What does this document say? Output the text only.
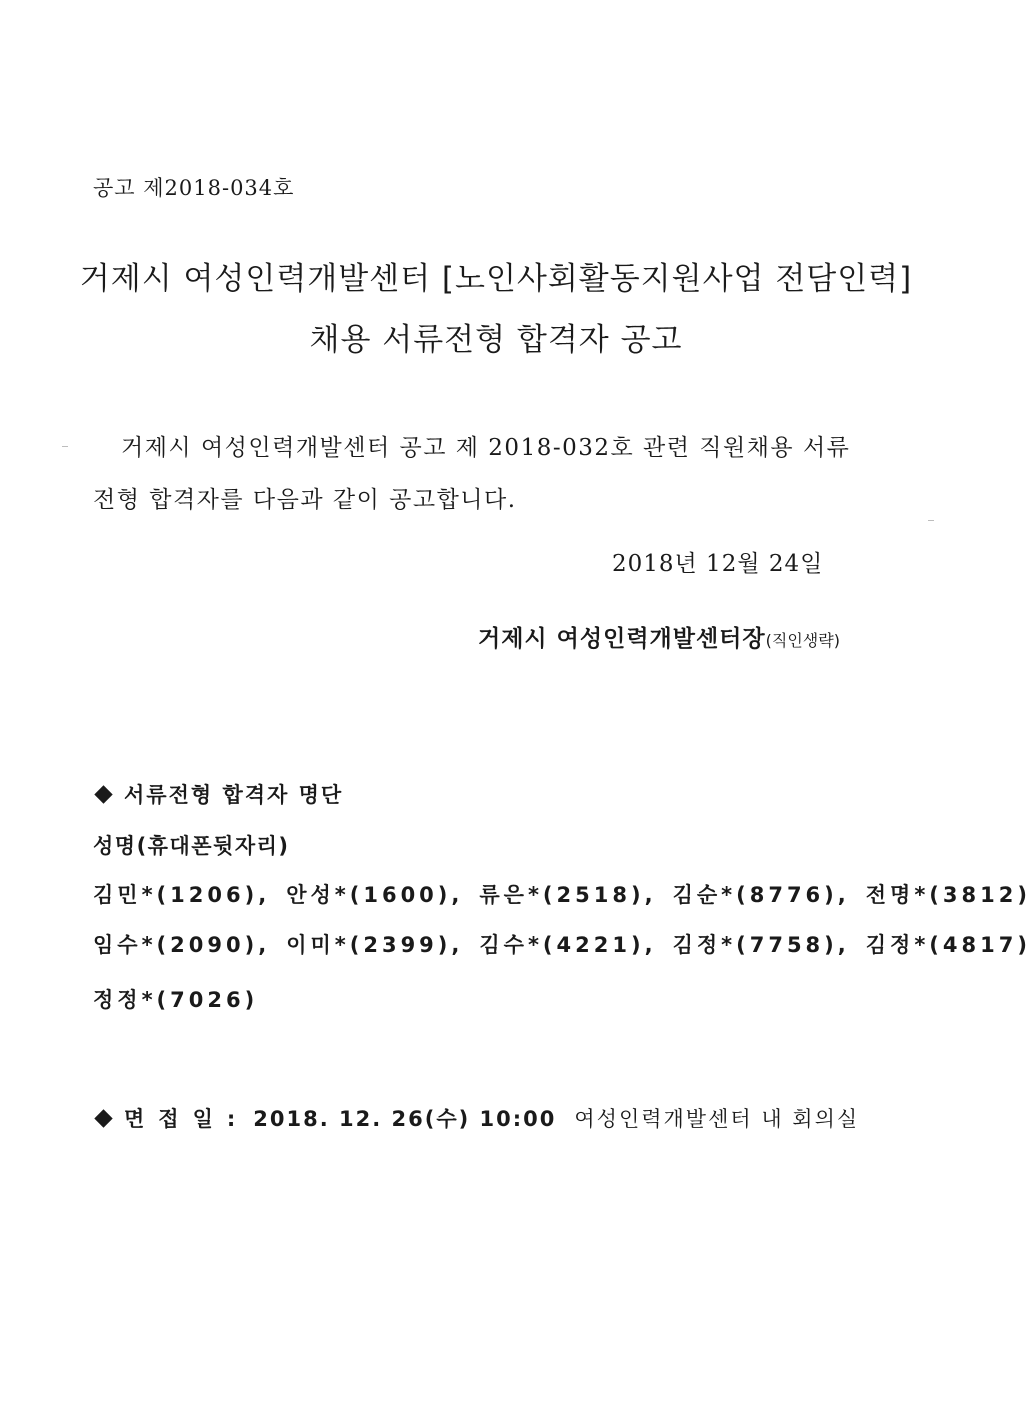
공고 제2018-034호
거제시 여성인력개발센터 [노인사회활동지원사업 전담인력]
채용 서류전형 합격자 공고
거제시 여성인력개발센터 공고 제 2018-032호 관련 직원채용 서류
전형 합격자를 다음과 같이 공고합니다.
2018년 12월 24일
거제시 여성인력개발센터장(직인생략)
서류전형 합격자 명단
성명(휴대폰뒷자리)
김민*(1206), 안성*(1600), 류은*(2518), 김순*(8776), 전명*(3812)
임수*(2090), 이미*(2399), 김수*(4221), 김정*(7758), 김정*(4817)
정정*(7026)
면접일: 2018. 12. 26(수) 10:00 여성인력개발센터 내 회의실
